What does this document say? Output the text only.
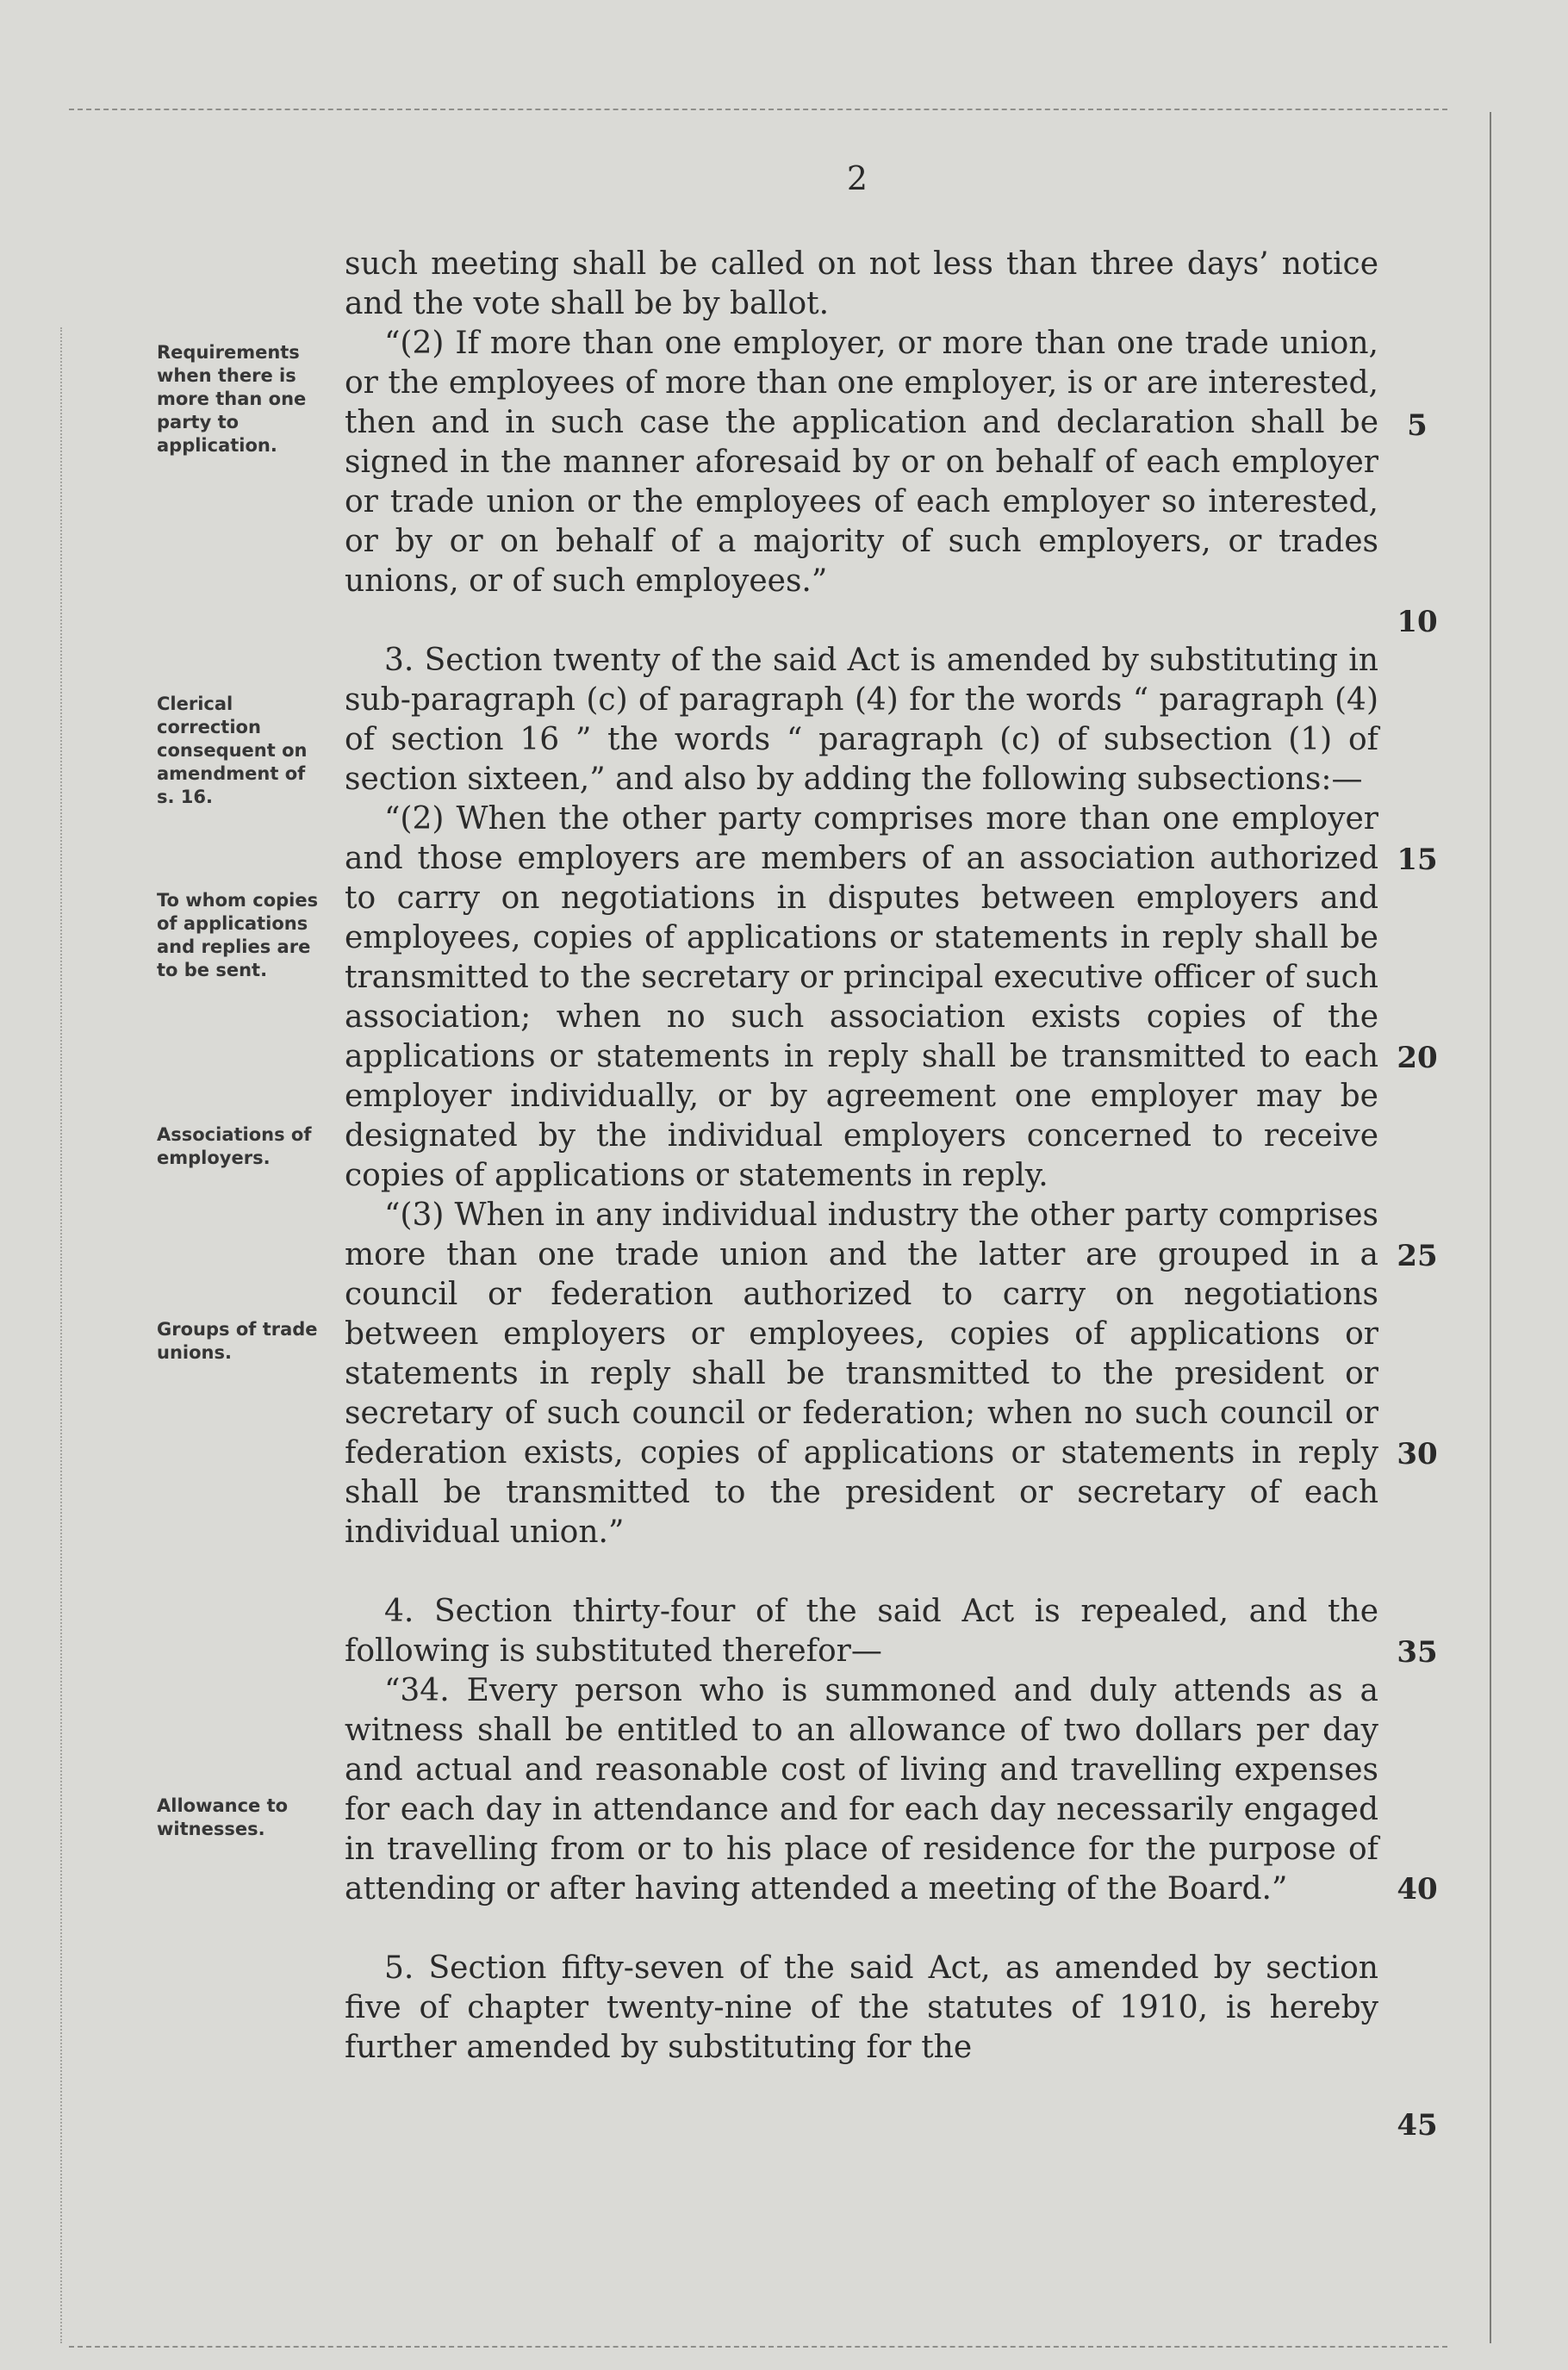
2
Requirements when there is more than one party to application.
Clerical correction consequent on amendment of s. 16.
To whom copies of applications and replies are to be sent.
Associations of employers.
Groups of trade unions.
Allowance to witnesses.

such meeting shall be called on not less than three days’ notice and the vote shall be by ballot.

“(2) If more than one employer, or more than one trade union, or the employees of more than one employer, is or are interested, then and in such case the application and declaration shall be signed in the manner aforesaid by or on behalf of each employer or trade union or the employees of each employer so interested, or by or on behalf of a majority of such employers, or trades unions, or of such employees.”

3. Section twenty of the said Act is amended by substituting in sub-paragraph (c) of paragraph (4) for the words “ paragraph (4) of section 16 ” the words “ paragraph (c) of subsection (1) of section sixteen,” and also by adding the following subsections:—

“(2) When the other party comprises more than one employer and those employers are members of an association authorized to carry on negotiations in disputes between employers and employees, copies of applications or statements in reply shall be transmitted to the secretary or principal executive officer of such association; when no such association exists copies of the applications or statements in reply shall be transmitted to each employer individually, or by agreement one employer may be designated by the individual employers concerned to receive copies of applications or statements in reply.

“(3) When in any individual industry the other party comprises more than one trade union and the latter are grouped in a council or federation authorized to carry on negotiations between employers or employees, copies of applications or statements in reply shall be transmitted to the president or secretary of such council or federation; when no such council or federation exists, copies of applications or statements in reply shall be transmitted to the president or secretary of each individual union.”

4. Section thirty-four of the said Act is repealed, and the following is substituted therefor—

“34. Every person who is summoned and duly attends as a witness shall be entitled to an allowance of two dollars per day and actual and reasonable cost of living and travelling expenses for each day in attendance and for each day necessarily engaged in travelling from or to his place of residence for the purpose of attending or after having attended a meeting of the Board.”

5. Section fifty-seven of the said Act, as amended by section five of chapter twenty-nine of the statutes of 1910, is hereby further amended by substituting for the

5
10
15
20
25
30
35
40
45
